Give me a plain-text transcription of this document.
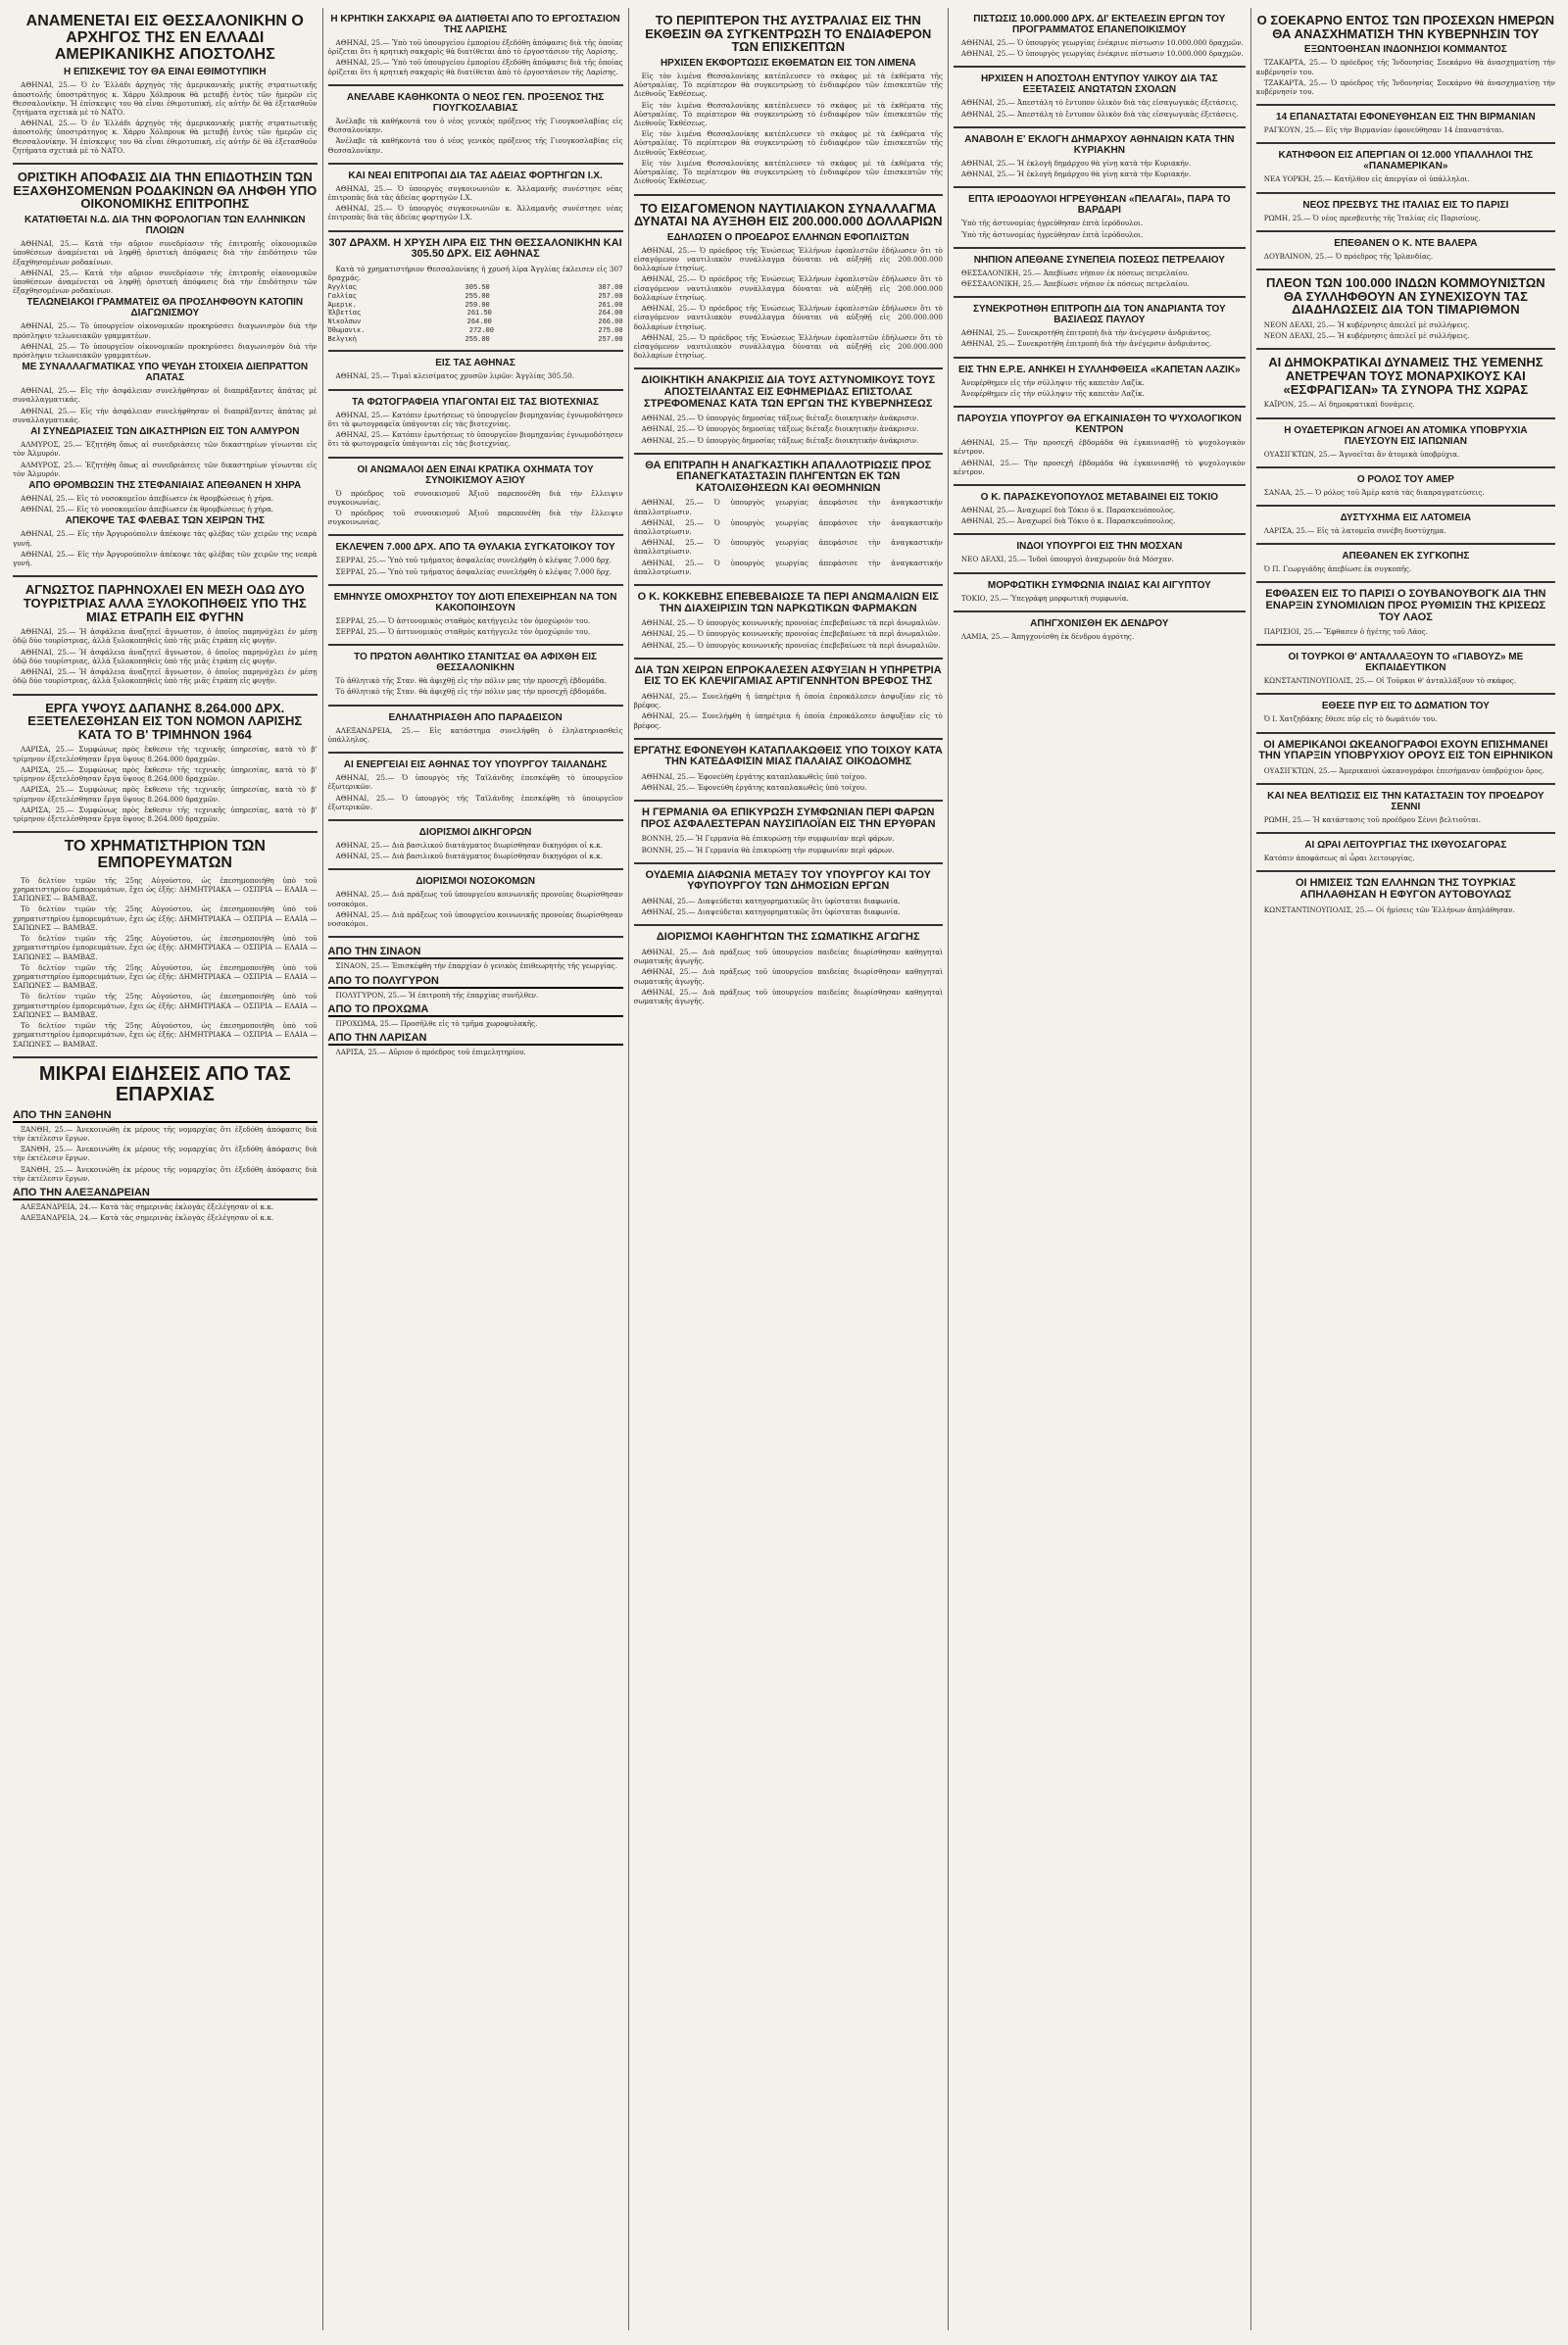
ΑΝΑΜΕΝΕΤΑΙ ΕΙΣ ΘΕΣΣΑΛΟΝΙΚΗΝ Ο ΑΡΧΗΓΟΣ ΤΗΣ ΕΝ ΕΛΛΑΔΙ ΑΜΕΡΙΚΑΝΙΚΗΣ ΑΠΟΣΤΟΛΗΣ
Η ΕΠΙΣΚΕΨΙΣ ΤΟΥ ΘΑ ΕΙΝΑΙ ΕΘΙΜΟΤΥΠΙΚΗ

ΑΘΗΝΑΙ, 25.— Ὁ ἐν Ἑλλάδι ἀρχηγὸς τῆς ἀμερικανικῆς μικτῆς στρατιωτικῆς ἀποστολῆς ὑποστράτηγος κ. Χάρρυ Χόλπρουκ θὰ μεταβῇ ἐντὸς τῶν ἡμερῶν εἰς Θεσσαλονίκην. Ἡ ἐπίσκεψις του θὰ εἶναι ἐθιμοτυπική, εἰς αὐτὴν δὲ θὰ ἐξετασθοῦν ζητήματα σχετικὰ μὲ τὸ ΝΑΤΟ.

ΑΘΗΝΑΙ, 25.— Ὁ ἐν Ἑλλάδι ἀρχηγὸς τῆς ἀμερικανικῆς μικτῆς στρατιωτικῆς ἀποστολῆς ὑποστράτηγος κ. Χάρρυ Χόλπρουκ θὰ μεταβῇ ἐντὸς τῶν ἡμερῶν εἰς Θεσσαλονίκην. Ἡ ἐπίσκεψις του θὰ εἶναι ἐθιμοτυπική, εἰς αὐτὴν δὲ θὰ ἐξετασθοῦν ζητήματα σχετικὰ μὲ τὸ ΝΑΤΟ.

ΟΡΙΣΤΙΚΗ ΑΠΟΦΑΣΙΣ ΔΙΑ ΤΗΝ ΕΠΙΔΟΤΗΣΙΝ ΤΩΝ ΕΞΑΧΘΗΣΟΜΕΝΩΝ ΡΟΔΑΚΙΝΩΝ ΘΑ ΛΗΦΘΗ ΥΠΟ ΟΙΚΟΝΟΜΙΚΗΣ ΕΠΙΤΡΟΠΗΣ
ΚΑΤΑΤΙΘΕΤΑΙ Ν.Δ. ΔΙΑ ΤΗΝ ΦΟΡΟΛΟΓΙΑΝ ΤΩΝ ΕΛΛΗΝΙΚΩΝ ΠΛΟΙΩΝ

ΑΘΗΝΑΙ, 25.— Κατὰ τὴν αὔριον συνεδρίασιν τῆς ἐπιτροπῆς οἰκονομικῶν ὑποθέσεων ἀναμένεται νὰ ληφθῇ ὁριστικὴ ἀπόφασις διὰ τὴν ἐπιδότησιν τῶν ἐξαχθησομένων ροδακίνων.

ΑΘΗΝΑΙ, 25.— Κατὰ τὴν αὔριον συνεδρίασιν τῆς ἐπιτροπῆς οἰκονομικῶν ὑποθέσεων ἀναμένεται νὰ ληφθῇ ὁριστικὴ ἀπόφασις διὰ τὴν ἐπιδότησιν τῶν ἐξαχθησομένων ροδακίνων.

ΤΕΛΩΝΕΙΑΚΟΙ ΓΡΑΜΜΑΤΕΙΣ ΘΑ ΠΡΟΣΛΗΦΘΟΥΝ ΚΑΤΟΠΙΝ ΔΙΑΓΩΝΙΣΜΟΥ

ΑΘΗΝΑΙ, 25.— Τὸ ὑπουργεῖον οἰκονομικῶν προκηρύσσει διαγωνισμὸν διὰ τὴν πρόσληψιν τελωνειακῶν γραμματέων.

ΑΘΗΝΑΙ, 25.— Τὸ ὑπουργεῖον οἰκονομικῶν προκηρύσσει διαγωνισμὸν διὰ τὴν πρόσληψιν τελωνειακῶν γραμματέων.

ΜΕ ΣΥΝΑΛΛΑΓΜΑΤΙΚΑΣ ΥΠΟ ΨΕΥΔΗ ΣΤΟΙΧΕΙΑ ΔΙΕΠΡΑΤΤΟΝ ΑΠΑΤΑΣ

ΑΘΗΝΑΙ, 25.— Εἰς τὴν ἀσφάλειαν συνελήφθησαν οἱ διαπράξαντες ἀπάτας μὲ συναλλαγματικάς.

ΑΘΗΝΑΙ, 25.— Εἰς τὴν ἀσφάλειαν συνελήφθησαν οἱ διαπράξαντες ἀπάτας μὲ συναλλαγματικάς.

ΑΙ ΣΥΝΕΔΡΙΑΣΕΙΣ ΤΩΝ ΔΙΚΑΣΤΗΡΙΩΝ ΕΙΣ ΤΟΝ ΑΛΜΥΡΟΝ

ΑΛΜΥΡΟΣ, 25.— Ἐζητήθη ὅπως αἱ συνεδριάσεις τῶν δικαστηρίων γίνωνται εἰς τὸν Ἀλμυρόν.

ΑΛΜΥΡΟΣ, 25.— Ἐζητήθη ὅπως αἱ συνεδριάσεις τῶν δικαστηρίων γίνωνται εἰς τὸν Ἀλμυρόν.

ΑΠΟ ΘΡΟΜΒΩΣΙΝ ΤΗΣ ΣΤΕΦΑΝΙΑΙΑΣ ΑΠΕΘΑΝΕΝ Η ΧΗΡΑ

ΑΘΗΝΑΙ, 25.— Εἰς τὸ νοσοκομεῖον ἀπεβίωσεν ἐκ θρομβώσεως ἡ χήρα.

ΑΘΗΝΑΙ, 25.— Εἰς τὸ νοσοκομεῖον ἀπεβίωσεν ἐκ θρομβώσεως ἡ χήρα.

ΑΠΕΚΟΨΕ ΤΑΣ ΦΛΕΒΑΣ ΤΩΝ ΧΕΙΡΩΝ ΤΗΣ

ΑΘΗΝΑΙ, 25.— Εἰς τὴν Ἀργυρούπολιν ἀπέκοψε τὰς φλέβας τῶν χειρῶν της νεαρὰ γυνή.

ΑΘΗΝΑΙ, 25.— Εἰς τὴν Ἀργυρούπολιν ἀπέκοψε τὰς φλέβας τῶν χειρῶν της νεαρὰ γυνή.

ΑΓΝΩΣΤΟΣ ΠΑΡΗΝΟΧΛΕΙ ΕΝ ΜΕΣΗ ΟΔΩ ΔΥΟ ΤΟΥΡΙΣΤΡΙΑΣ ΑΛΛΑ ΞΥΛΟΚΟΠΗΘΕΙΣ ΥΠΟ ΤΗΣ ΜΙΑΣ ΕΤΡΑΠΗ ΕΙΣ ΦΥΓΗΝ

ΑΘΗΝΑΙ, 25.— Ἡ ἀσφάλεια ἀναζητεῖ ἄγνωστον, ὁ ὁποῖος παρηνόχλει ἐν μέσῃ ὁδῷ δύο τουρίστριας, ἀλλὰ ξυλοκοπηθεὶς ὑπὸ τῆς μιᾶς ἐτράπη εἰς φυγήν.

ΑΘΗΝΑΙ, 25.— Ἡ ἀσφάλεια ἀναζητεῖ ἄγνωστον, ὁ ὁποῖος παρηνόχλει ἐν μέσῃ ὁδῷ δύο τουρίστριας, ἀλλὰ ξυλοκοπηθεὶς ὑπὸ τῆς μιᾶς ἐτράπη εἰς φυγήν.

ΑΘΗΝΑΙ, 25.— Ἡ ἀσφάλεια ἀναζητεῖ ἄγνωστον, ὁ ὁποῖος παρηνόχλει ἐν μέσῃ ὁδῷ δύο τουρίστριας, ἀλλὰ ξυλοκοπηθεὶς ὑπὸ τῆς μιᾶς ἐτράπη εἰς φυγήν.

ΕΡΓΑ ΥΨΟΥΣ ΔΑΠΑΝΗΣ 8.264.000 ΔΡΧ. ΕΞΕΤΕΛΕΣΘΗΣΑΝ ΕΙΣ ΤΟΝ ΝΟΜΟΝ ΛΑΡΙΣΗΣ ΚΑΤΑ ΤΟ Β' ΤΡΙΜΗΝΟΝ 1964

ΛΑΡΙΣΑ, 25.— Συμφώνως πρὸς ἔκθεσιν τῆς τεχνικῆς ὑπηρεσίας, κατὰ τὸ β' τρίμηνον ἐξετελέσθησαν ἔργα ὕψους 8.264.000 δραχμῶν.

ΛΑΡΙΣΑ, 25.— Συμφώνως πρὸς ἔκθεσιν τῆς τεχνικῆς ὑπηρεσίας, κατὰ τὸ β' τρίμηνον ἐξετελέσθησαν ἔργα ὕψους 8.264.000 δραχμῶν.

ΛΑΡΙΣΑ, 25.— Συμφώνως πρὸς ἔκθεσιν τῆς τεχνικῆς ὑπηρεσίας, κατὰ τὸ β' τρίμηνον ἐξετελέσθησαν ἔργα ὕψους 8.264.000 δραχμῶν.

ΛΑΡΙΣΑ, 25.— Συμφώνως πρὸς ἔκθεσιν τῆς τεχνικῆς ὑπηρεσίας, κατὰ τὸ β' τρίμηνον ἐξετελέσθησαν ἔργα ὕψους 8.264.000 δραχμῶν.

ΤΟ ΧΡΗΜΑΤΙΣΤΗΡΙΟΝ ΤΩΝ ΕΜΠΟΡΕΥΜΑΤΩΝ

Τὸ δελτίον τιμῶν τῆς 25ης Αὐγούστου, ὡς ἐπεσημοποιήθη ὑπὸ τοῦ χρηματιστηρίου ἐμπορευμάτων, ἔχει ὡς ἑξῆς: ΔΗΜΗΤΡΙΑΚΑ — ΟΣΠΡΙΑ — ΕΛΑΙΑ — ΣΑΠΩΝΕΣ — ΒΑΜΒΑΞ.

Τὸ δελτίον τιμῶν τῆς 25ης Αὐγούστου, ὡς ἐπεσημοποιήθη ὑπὸ τοῦ χρηματιστηρίου ἐμπορευμάτων, ἔχει ὡς ἑξῆς: ΔΗΜΗΤΡΙΑΚΑ — ΟΣΠΡΙΑ — ΕΛΑΙΑ — ΣΑΠΩΝΕΣ — ΒΑΜΒΑΞ.

Τὸ δελτίον τιμῶν τῆς 25ης Αὐγούστου, ὡς ἐπεσημοποιήθη ὑπὸ τοῦ χρηματιστηρίου ἐμπορευμάτων, ἔχει ὡς ἑξῆς: ΔΗΜΗΤΡΙΑΚΑ — ΟΣΠΡΙΑ — ΕΛΑΙΑ — ΣΑΠΩΝΕΣ — ΒΑΜΒΑΞ.

Τὸ δελτίον τιμῶν τῆς 25ης Αὐγούστου, ὡς ἐπεσημοποιήθη ὑπὸ τοῦ χρηματιστηρίου ἐμπορευμάτων, ἔχει ὡς ἑξῆς: ΔΗΜΗΤΡΙΑΚΑ — ΟΣΠΡΙΑ — ΕΛΑΙΑ — ΣΑΠΩΝΕΣ — ΒΑΜΒΑΞ.

Τὸ δελτίον τιμῶν τῆς 25ης Αὐγούστου, ὡς ἐπεσημοποιήθη ὑπὸ τοῦ χρηματιστηρίου ἐμπορευμάτων, ἔχει ὡς ἑξῆς: ΔΗΜΗΤΡΙΑΚΑ — ΟΣΠΡΙΑ — ΕΛΑΙΑ — ΣΑΠΩΝΕΣ — ΒΑΜΒΑΞ.

Τὸ δελτίον τιμῶν τῆς 25ης Αὐγούστου, ὡς ἐπεσημοποιήθη ὑπὸ τοῦ χρηματιστηρίου ἐμπορευμάτων, ἔχει ὡς ἑξῆς: ΔΗΜΗΤΡΙΑΚΑ — ΟΣΠΡΙΑ — ΕΛΑΙΑ — ΣΑΠΩΝΕΣ — ΒΑΜΒΑΞ.

ΜΙΚΡΑΙ ΕΙΔΗΣΕΙΣ ΑΠΟ ΤΑΣ ΕΠΑΡΧΙΑΣ
ΑΠΟ ΤΗΝ ΞΑΝΘΗΝ

ΞΑΝΘΗ, 25.— Ἀνεκοινώθη ἐκ μέρους τῆς νομαρχίας ὅτι ἐξεδόθη ἀπόφασις διὰ τὴν ἐκτέλεσιν ἔργων.

ΞΑΝΘΗ, 25.— Ἀνεκοινώθη ἐκ μέρους τῆς νομαρχίας ὅτι ἐξεδόθη ἀπόφασις διὰ τὴν ἐκτέλεσιν ἔργων.

ΞΑΝΘΗ, 25.— Ἀνεκοινώθη ἐκ μέρους τῆς νομαρχίας ὅτι ἐξεδόθη ἀπόφασις διὰ τὴν ἐκτέλεσιν ἔργων.

ΑΠΟ ΤΗΝ ΑΛΕΞΑΝΔΡΕΙΑΝ

ΑΛΕΞΑΝΔΡΕΙΑ, 24.— Κατὰ τὰς σημερινὰς ἐκλογὰς ἐξελέγησαν οἱ κ.κ.

ΑΛΕΞΑΝΔΡΕΙΑ, 24.— Κατὰ τὰς σημερινὰς ἐκλογὰς ἐξελέγησαν οἱ κ.κ.

Η ΚΡΗΤΙΚΗ ΣΑΚΧΑΡΙΣ ΘΑ ΔΙΑΤΙΘΕΤΑΙ ΑΠΟ ΤΟ ΕΡΓΟΣΤΑΣΙΟΝ ΤΗΣ ΛΑΡΙΣΗΣ

ΑΘΗΝΑΙ, 25.— Ὑπὸ τοῦ ὑπουργείου ἐμπορίου ἐξεδόθη ἀπόφασις διὰ τῆς ὁποίας ὁρίζεται ὅτι ἡ κρητικὴ σακχαρὶς θὰ διατίθεται ἀπὸ τὸ ἐργοστάσιον τῆς Λαρίσης.

ΑΘΗΝΑΙ, 25.— Ὑπὸ τοῦ ὑπουργείου ἐμπορίου ἐξεδόθη ἀπόφασις διὰ τῆς ὁποίας ὁρίζεται ὅτι ἡ κρητικὴ σακχαρὶς θὰ διατίθεται ἀπὸ τὸ ἐργοστάσιον τῆς Λαρίσης.

ΑΝΕΛΑΒΕ ΚΑΘΗΚΟΝΤΑ Ο ΝΕΟΣ ΓΕΝ. ΠΡΟΞΕΝΟΣ ΤΗΣ ΓΙΟΥΓΚΟΣΛΑΒΙΑΣ

Ἀνέλαβε τὰ καθήκοντά του ὁ νέος γενικὸς πρόξενος τῆς Γιουγκοσλαβίας εἰς Θεσσαλονίκην.

Ἀνέλαβε τὰ καθήκοντά του ὁ νέος γενικὸς πρόξενος τῆς Γιουγκοσλαβίας εἰς Θεσσαλονίκην.

ΚΑΙ ΝΕΑΙ ΕΠΙΤΡΟΠΑΙ ΔΙΑ ΤΑΣ ΑΔΕΙΑΣ ΦΟΡΤΗΓΩΝ Ι.Χ.

ΑΘΗΝΑΙ, 25.— Ὁ ὑπουργὸς συγκοινωνιῶν κ. Ἀλλαμανῆς συνέστησε νέας ἐπιτροπὰς διὰ τὰς ἀδείας φορτηγῶν Ι.Χ.

ΑΘΗΝΑΙ, 25.— Ὁ ὑπουργὸς συγκοινωνιῶν κ. Ἀλλαμανῆς συνέστησε νέας ἐπιτροπὰς διὰ τὰς ἀδείας φορτηγῶν Ι.Χ.

307 ΔΡΑΧΜ. Η ΧΡΥΣΗ ΛΙΡΑ ΕΙΣ ΤΗΝ ΘΕΣΣΑΛΟΝΙΚΗΝ ΚΑΙ 305.50 ΔΡΧ. ΕΙΣ ΑΘΗΝΑΣ

Κατὰ τὸ χρηματιστήριον Θεσσαλονίκης ἡ χρυσῆ λίρα Ἀγγλίας ἐκλεισεν εἰς 307 δραχμάς.

Ἀγγλίας	305.50	307.00
Γαλλίας	255.00	257.00
Ἀμερικ.	259.00	261.00
Ἑλβετίας	261.50	264.00
Νίκολσων	264.00	266.00
Ὀθωμανικ.	272.00	275.00
Βελγικὴ	255.00	257.00
ΕΙΣ ΤΑΣ ΑΘΗΝΑΣ

ΑΘΗΝΑΙ, 25.— Τιμαὶ κλεισίματος χρυσῶν λιρῶν: Ἀγγλίας 305.50.

ΤΑ ΦΩΤΟΓΡΑΦΕΙΑ ΥΠΑΓΟΝΤΑΙ ΕΙΣ ΤΑΣ ΒΙΟΤΕΧΝΙΑΣ

ΑΘΗΝΑΙ, 25.— Κατόπιν ἐρωτήσεως τὸ ὑπουργεῖον βιομηχανίας ἐγνωμοδότησεν ὅτι τὰ φωτογραφεῖα ὑπάγονται εἰς τὰς βιοτεχνίας.

ΑΘΗΝΑΙ, 25.— Κατόπιν ἐρωτήσεως τὸ ὑπουργεῖον βιομηχανίας ἐγνωμοδότησεν ὅτι τὰ φωτογραφεῖα ὑπάγονται εἰς τὰς βιοτεχνίας.

ΟΙ ΑΝΩΜΑΛΟΙ ΔΕΝ ΕΙΝΑΙ ΚΡΑΤΙΚΑ ΟΧΗΜΑΤΑ ΤΟΥ ΣΥΝΟΙΚΙΣΜΟΥ ΑΞΙΟΥ

Ὁ πρόεδρος τοῦ συνοικισμοῦ Ἀξιοῦ παρεπονέθη διὰ τὴν ἔλλειψιν συγκοινωνίας.

Ὁ πρόεδρος τοῦ συνοικισμοῦ Ἀξιοῦ παρεπονέθη διὰ τὴν ἔλλειψιν συγκοινωνίας.

ΕΚΛΕΨΕΝ 7.000 ΔΡΧ. ΑΠΟ ΤΑ ΘΥΛΑΚΙΑ ΣΥΓΚΑΤΟΙΚΟΥ ΤΟΥ

ΣΕΡΡΑΙ, 25.— Ὑπὸ τοῦ τμήματος ἀσφαλείας συνελήφθη ὁ κλέψας 7.000 δρχ.

ΣΕΡΡΑΙ, 25.— Ὑπὸ τοῦ τμήματος ἀσφαλείας συνελήφθη ὁ κλέψας 7.000 δρχ.

ΕΜΗΝΥΣΕ ΟΜΟΧΡΗΣΤΟΥ ΤΟΥ ΔΙΟΤΙ ΕΠΕΧΕΙΡΗΣΑΝ ΝΑ ΤΟΝ ΚΑΚΟΠΟΙΗΣΟΥΝ

ΣΕΡΡΑΙ, 25.— Ὁ ἀστυνομικὸς σταθμὸς κατήγγειλε τὸν ὁμοχώριόν του.

ΣΕΡΡΑΙ, 25.— Ὁ ἀστυνομικὸς σταθμὸς κατήγγειλε τὸν ὁμοχώριόν του.

ΤΟ ΠΡΩΤΟΝ ΑΘΛΗΤΙΚΟ ΣΤΑΝΙΤΣΑΣ ΘΑ ΑΦΙΧΘΗ ΕΙΣ ΘΕΣΣΑΛΟΝΙΚΗΝ

Τὸ ἀθλητικὸ τῆς Σταν. θὰ ἀφιχθῇ εἰς τὴν πόλιν μας τὴν προσεχῆ ἑβδομάδα.

Τὸ ἀθλητικὸ τῆς Σταν. θὰ ἀφιχθῇ εἰς τὴν πόλιν μας τὴν προσεχῆ ἑβδομάδα.

ΕΛΗΛΑΤΗΡΙΑΣΘΗ ΑΠΟ ΠΑΡΑΔΕΙΣΟΝ

ΑΛΕΞΑΝΔΡΕΙΑ, 25.— Εἰς κατάστημα συνελήφθη ὁ ἐληλατηριασθεὶς ὑπάλληλος.

ΑΙ ΕΝΕΡΓΕΙΑΙ ΕΙΣ ΑΘΗΝΑΣ ΤΟΥ ΥΠΟΥΡΓΟΥ ΤΑΙΛΑΝΔΗΣ

ΑΘΗΝΑΙ, 25.— Ὁ ὑπουργὸς τῆς Ταϊλάνδης ἐπεσκέφθη τὸ ὑπουργεῖον ἐξωτερικῶν.

ΑΘΗΝΑΙ, 25.— Ὁ ὑπουργὸς τῆς Ταϊλάνδης ἐπεσκέφθη τὸ ὑπουργεῖον ἐξωτερικῶν.

ΔΙΟΡΙΣΜΟΙ ΔΙΚΗΓΟΡΩΝ

ΑΘΗΝΑΙ, 25.— Διὰ βασιλικοῦ διατάγματος διωρίσθησαν δικηγόροι οἱ κ.κ.

ΑΘΗΝΑΙ, 25.— Διὰ βασιλικοῦ διατάγματος διωρίσθησαν δικηγόροι οἱ κ.κ.

ΔΙΟΡΙΣΜΟΙ ΝΟΣΟΚΟΜΩΝ

ΑΘΗΝΑΙ, 25.— Διὰ πράξεως τοῦ ὑπουργείου κοινωνικῆς προνοίας διωρίσθησαν νοσοκόμοι.

ΑΘΗΝΑΙ, 25.— Διὰ πράξεως τοῦ ὑπουργείου κοινωνικῆς προνοίας διωρίσθησαν νοσοκόμοι.

ΑΠΟ ΤΗΝ ΣΙΝΑΟΝ

ΣΙΝΑΟΝ, 25.— Ἐπισκέφθη τὴν ἐπαρχίαν ὁ γενικὸς ἐπιθεωρητὴς τῆς γεωργίας.

ΑΠΟ ΤΟ ΠΟΛΥΓΥΡΟΝ

ΠΟΛΥΓΥΡΟΝ, 25.— Ἡ ἐπιτροπὴ τῆς ἐπαρχίας συνῆλθεν.

ΑΠΟ ΤΟ ΠΡΟΧΩΜΑ

ΠΡΟΧΩΜΑ, 25.— Προσῆλθε εἰς τὸ τμῆμα χωροφυλακῆς.

ΑΠΟ ΤΗΝ ΛΑΡΙΣΑΝ

ΛΑΡΙΣΑ, 25.— Αὔριον ὁ πρόεδρος τοῦ ἐπιμελητηρίου.

ΤΟ ΠΕΡΙΠΤΕΡΟΝ ΤΗΣ ΑΥΣΤΡΑΛΙΑΣ ΕΙΣ ΤΗΝ ΕΚΘΕΣΙΝ ΘΑ ΣΥΓΚΕΝΤΡΩΣΗ ΤΟ ΕΝΔΙΑΦΕΡΟΝ ΤΩΝ ΕΠΙΣΚΕΠΤΩΝ
ΗΡΧΙΣΕΝ ΕΚΦΟΡΤΩΣΙΣ ΕΚΘΕΜΑΤΩΝ ΕΙΣ ΤΟΝ ΛΙΜΕΝΑ

Εἰς τὸν λιμένα Θεσσαλονίκης κατέπλευσεν τὸ σκάφος μὲ τὰ ἐκθέματα τῆς Αὐστραλίας. Τὸ περίπτερον θὰ συγκεντρώσῃ τὸ ἐνδιαφέρον τῶν ἐπισκεπτῶν τῆς Διεθνοῦς Ἐκθέσεως.

Εἰς τὸν λιμένα Θεσσαλονίκης κατέπλευσεν τὸ σκάφος μὲ τὰ ἐκθέματα τῆς Αὐστραλίας. Τὸ περίπτερον θὰ συγκεντρώσῃ τὸ ἐνδιαφέρον τῶν ἐπισκεπτῶν τῆς Διεθνοῦς Ἐκθέσεως.

Εἰς τὸν λιμένα Θεσσαλονίκης κατέπλευσεν τὸ σκάφος μὲ τὰ ἐκθέματα τῆς Αὐστραλίας. Τὸ περίπτερον θὰ συγκεντρώσῃ τὸ ἐνδιαφέρον τῶν ἐπισκεπτῶν τῆς Διεθνοῦς Ἐκθέσεως.

Εἰς τὸν λιμένα Θεσσαλονίκης κατέπλευσεν τὸ σκάφος μὲ τὰ ἐκθέματα τῆς Αὐστραλίας. Τὸ περίπτερον θὰ συγκεντρώσῃ τὸ ἐνδιαφέρον τῶν ἐπισκεπτῶν τῆς Διεθνοῦς Ἐκθέσεως.

ΤΟ ΕΙΣΑΓΟΜΕΝΟΝ ΝΑΥΤΙΛΙΑΚΟΝ ΣΥΝΑΛΛΑΓΜΑ ΔΥΝΑΤΑΙ ΝΑ ΑΥΞΗΘΗ ΕΙΣ 200.000.000 ΔΟΛΛΑΡΙΩΝ
ΕΔΗΛΩΣΕΝ Ο ΠΡΟΕΔΡΟΣ ΕΛΛΗΝΩΝ ΕΦΟΠΛΙΣΤΩΝ

ΑΘΗΝΑΙ, 25.— Ὁ πρόεδρος τῆς Ἑνώσεως Ἑλλήνων ἐφοπλιστῶν ἐδήλωσεν ὅτι τὸ εἰσαγόμενον ναυτιλιακὸν συνάλλαγμα δύναται νὰ αὐξηθῇ εἰς 200.000.000 δολλαρίων ἐτησίως.

ΑΘΗΝΑΙ, 25.— Ὁ πρόεδρος τῆς Ἑνώσεως Ἑλλήνων ἐφοπλιστῶν ἐδήλωσεν ὅτι τὸ εἰσαγόμενον ναυτιλιακὸν συνάλλαγμα δύναται νὰ αὐξηθῇ εἰς 200.000.000 δολλαρίων ἐτησίως.

ΑΘΗΝΑΙ, 25.— Ὁ πρόεδρος τῆς Ἑνώσεως Ἑλλήνων ἐφοπλιστῶν ἐδήλωσεν ὅτι τὸ εἰσαγόμενον ναυτιλιακὸν συνάλλαγμα δύναται νὰ αὐξηθῇ εἰς 200.000.000 δολλαρίων ἐτησίως.

ΑΘΗΝΑΙ, 25.— Ὁ πρόεδρος τῆς Ἑνώσεως Ἑλλήνων ἐφοπλιστῶν ἐδήλωσεν ὅτι τὸ εἰσαγόμενον ναυτιλιακὸν συνάλλαγμα δύναται νὰ αὐξηθῇ εἰς 200.000.000 δολλαρίων ἐτησίως.

ΔΙΟΙΚΗΤΙΚΗ ΑΝΑΚΡΙΣΙΣ ΔΙΑ ΤΟΥΣ ΑΣΤΥΝΟΜΙΚΟΥΣ ΤΟΥΣ ΑΠΟΣΤΕΙΛΑΝΤΑΣ ΕΙΣ ΕΦΗΜΕΡΙΔΑΣ ΕΠΙΣΤΟΛΑΣ ΣΤΡΕΦΟΜΕΝΑΣ ΚΑΤΑ ΤΩΝ ΕΡΓΩΝ ΤΗΣ ΚΥΒΕΡΝΗΣΕΩΣ

ΑΘΗΝΑΙ, 25.— Ὁ ὑπουργὸς δημοσίας τάξεως διέταξε διοικητικὴν ἀνάκρισιν.

ΑΘΗΝΑΙ, 25.— Ὁ ὑπουργὸς δημοσίας τάξεως διέταξε διοικητικὴν ἀνάκρισιν.

ΑΘΗΝΑΙ, 25.— Ὁ ὑπουργὸς δημοσίας τάξεως διέταξε διοικητικὴν ἀνάκρισιν.

ΘΑ ΕΠΙΤΡΑΠΗ Η ΑΝΑΓΚΑΣΤΙΚΗ ΑΠΑΛΛΟΤΡΙΩΣΙΣ ΠΡΟΣ ΕΠΑΝΕΓΚΑΤΑΣΤΑΣΙΝ ΠΛΗΓΕΝΤΩΝ ΕΚ ΤΩΝ ΚΑΤΟΛΙΣΘΗΣΕΩΝ ΚΑΙ ΘΕΟΜΗΝΙΩΝ

ΑΘΗΝΑΙ, 25.— Ὁ ὑπουργὸς γεωργίας ἀπεφάσισε τὴν ἀναγκαστικὴν ἀπαλλοτρίωσιν.

ΑΘΗΝΑΙ, 25.— Ὁ ὑπουργὸς γεωργίας ἀπεφάσισε τὴν ἀναγκαστικὴν ἀπαλλοτρίωσιν.

ΑΘΗΝΑΙ, 25.— Ὁ ὑπουργὸς γεωργίας ἀπεφάσισε τὴν ἀναγκαστικὴν ἀπαλλοτρίωσιν.

ΑΘΗΝΑΙ, 25.— Ὁ ὑπουργὸς γεωργίας ἀπεφάσισε τὴν ἀναγκαστικὴν ἀπαλλοτρίωσιν.

Ο Κ. ΚΟΚΚΕΒΗΣ ΕΠΕΒΕΒΑΙΩΣΕ ΤΑ ΠΕΡΙ ΑΝΩΜΑΛΙΩΝ ΕΙΣ ΤΗΝ ΔΙΑΧΕΙΡΙΣΙΝ ΤΩΝ ΝΑΡΚΩΤΙΚΩΝ ΦΑΡΜΑΚΩΝ

ΑΘΗΝΑΙ, 25.— Ὁ ὑπουργὸς κοινωνικῆς προνοίας ἐπεβεβαίωσε τὰ περὶ ἀνωμαλιῶν.

ΑΘΗΝΑΙ, 25.— Ὁ ὑπουργὸς κοινωνικῆς προνοίας ἐπεβεβαίωσε τὰ περὶ ἀνωμαλιῶν.

ΑΘΗΝΑΙ, 25.— Ὁ ὑπουργὸς κοινωνικῆς προνοίας ἐπεβεβαίωσε τὰ περὶ ἀνωμαλιῶν.

ΔΙΑ ΤΩΝ ΧΕΙΡΩΝ ΕΠΡΟΚΑΛΕΣΕΝ ΑΣΦΥΞΙΑΝ Η ΥΠΗΡΕΤΡΙΑ ΕΙΣ ΤΟ ΕΚ ΚΛΕΨΙΓΑΜΙΑΣ ΑΡΤΙΓΕΝΝΗΤΟΝ ΒΡΕΦΟΣ ΤΗΣ

ΑΘΗΝΑΙ, 25.— Συνελήφθη ἡ ὑπηρέτρια ἡ ὁποία ἐπροκάλεσεν ἀσφυξίαν εἰς τὸ βρέφος.

ΑΘΗΝΑΙ, 25.— Συνελήφθη ἡ ὑπηρέτρια ἡ ὁποία ἐπροκάλεσεν ἀσφυξίαν εἰς τὸ βρέφος.

ΕΡΓΑΤΗΣ ΕΦΟΝΕΥΘΗ ΚΑΤΑΠΛΑΚΩΘΕΙΣ ΥΠΟ ΤΟΙΧΟΥ ΚΑΤΑ ΤΗΝ ΚΑΤΕΔΑΦΙΣΙΝ ΜΙΑΣ ΠΑΛΑΙΑΣ ΟΙΚΟΔΟΜΗΣ

ΑΘΗΝΑΙ, 25.— Ἐφονεύθη ἐργάτης καταπλακωθεὶς ὑπὸ τοίχου.

ΑΘΗΝΑΙ, 25.— Ἐφονεύθη ἐργάτης καταπλακωθεὶς ὑπὸ τοίχου.

Η ΓΕΡΜΑΝΙΑ ΘΑ ΕΠΙΚΥΡΩΣΗ ΣΥΜΦΩΝΙΑΝ ΠΕΡΙ ΦΑΡΩΝ ΠΡΟΣ ΑΣΦΑΛΕΣΤΕΡΑΝ ΝΑΥΣΙΠΛΟΪΑΝ ΕΙΣ ΤΗΝ ΕΡΥΘΡΑΝ

ΒΟΝΝΗ, 25.— Ἡ Γερμανία θὰ ἐπικυρώσῃ τὴν συμφωνίαν περὶ φάρων.

ΒΟΝΝΗ, 25.— Ἡ Γερμανία θὰ ἐπικυρώσῃ τὴν συμφωνίαν περὶ φάρων.

ΟΥΔΕΜΙΑ ΔΙΑΦΩΝΙΑ ΜΕΤΑΞΥ ΤΟΥ ΥΠΟΥΡΓΟΥ ΚΑΙ ΤΟΥ ΥΦΥΠΟΥΡΓΟΥ ΤΩΝ ΔΗΜΟΣΙΩΝ ΕΡΓΩΝ

ΑΘΗΝΑΙ, 25.— Διαψεύδεται κατηγορηματικῶς ὅτι ὑφίσταται διαφωνία.

ΑΘΗΝΑΙ, 25.— Διαψεύδεται κατηγορηματικῶς ὅτι ὑφίσταται διαφωνία.

ΔΙΟΡΙΣΜΟΙ ΚΑΘΗΓΗΤΩΝ ΤΗΣ ΣΩΜΑΤΙΚΗΣ ΑΓΩΓΗΣ

ΑΘΗΝΑΙ, 25.— Διὰ πράξεως τοῦ ὑπουργείου παιδείας διωρίσθησαν καθηγηταὶ σωματικῆς ἀγωγῆς.

ΑΘΗΝΑΙ, 25.— Διὰ πράξεως τοῦ ὑπουργείου παιδείας διωρίσθησαν καθηγηταὶ σωματικῆς ἀγωγῆς.

ΑΘΗΝΑΙ, 25.— Διὰ πράξεως τοῦ ὑπουργείου παιδείας διωρίσθησαν καθηγηταὶ σωματικῆς ἀγωγῆς.

ΠΙΣΤΩΣΙΣ 10.000.000 ΔΡΧ. ΔΙ' ΕΚΤΕΛΕΣΙΝ ΕΡΓΩΝ ΤΟΥ ΠΡΟΓΡΑΜΜΑΤΟΣ ΕΠΑΝΕΠΟΙΚΙΣΜΟΥ

ΑΘΗΝΑΙ, 25.— Ὁ ὑπουργὸς γεωργίας ἐνέκρινε πίστωσιν 10.000.000 δραχμῶν.

ΑΘΗΝΑΙ, 25.— Ὁ ὑπουργὸς γεωργίας ἐνέκρινε πίστωσιν 10.000.000 δραχμῶν.

ΗΡΧΙΣΕΝ Η ΑΠΟΣΤΟΛΗ ΕΝΤΥΠΟΥ ΥΛΙΚΟΥ ΔΙΑ ΤΑΣ ΕΞΕΤΑΣΕΙΣ ΑΝΩΤΑΤΩΝ ΣΧΟΛΩΝ

ΑΘΗΝΑΙ, 25.— Ἀπεστάλη τὸ ἔντυπον ὑλικὸν διὰ τὰς εἰσαγωγικὰς ἐξετάσεις.

ΑΘΗΝΑΙ, 25.— Ἀπεστάλη τὸ ἔντυπον ὑλικὸν διὰ τὰς εἰσαγωγικὰς ἐξετάσεις.

ΑΝΑΒΟΛΗ Ε' ΕΚΛΟΓΗ ΔΗΜΑΡΧΟΥ ΑΘΗΝΑΙΩΝ ΚΑΤΑ ΤΗΝ ΚΥΡΙΑΚΗΝ

ΑΘΗΝΑΙ, 25.— Ἡ ἐκλογὴ δημάρχου θὰ γίνῃ κατὰ τὴν Κυριακήν.

ΑΘΗΝΑΙ, 25.— Ἡ ἐκλογὴ δημάρχου θὰ γίνῃ κατὰ τὴν Κυριακήν.

ΕΠΤΑ ΙΕΡΟΔΟΥΛΟΙ ΗΓΡΕΥΘΗΣΑΝ «ΠΕΛΑΓΑΙ», ΠΑΡΑ ΤΟ ΒΑΡΔΑΡΙ

Ὑπὸ τῆς ἀστυνομίας ἠγρεύθησαν ἑπτὰ ἱερόδουλοι.

Ὑπὸ τῆς ἀστυνομίας ἠγρεύθησαν ἑπτὰ ἱερόδουλοι.

ΝΗΠΙΟΝ ΑΠΕΘΑΝΕ ΣΥΝΕΠΕΙΑ ΠΟΣΕΩΣ ΠΕΤΡΕΛΑΙΟΥ

ΘΕΣΣΑΛΟΝΙΚΗ, 25.— Ἀπεβίωσε νήπιον ἐκ πόσεως πετρελαίου.

ΘΕΣΣΑΛΟΝΙΚΗ, 25.— Ἀπεβίωσε νήπιον ἐκ πόσεως πετρελαίου.

ΣΥΝΕΚΡΟΤΗΘΗ ΕΠΙΤΡΟΠΗ ΔΙΑ ΤΟΝ ΑΝΔΡΙΑΝΤΑ ΤΟΥ ΒΑΣΙΛΕΩΣ ΠΑΥΛΟΥ

ΑΘΗΝΑΙ, 25.— Συνεκροτήθη ἐπιτροπὴ διὰ τὴν ἀνέγερσιν ἀνδριάντος.

ΑΘΗΝΑΙ, 25.— Συνεκροτήθη ἐπιτροπὴ διὰ τὴν ἀνέγερσιν ἀνδριάντος.

ΕΙΣ ΤΗΝ Ε.Ρ.Ε. ΑΝΗΚΕΙ Η ΣΥΛΛΗΦΘΕΙΣΑ «ΚΑΠΕΤΑΝ ΛΑΖΙΚ»

Ἀνεφέρθημεν εἰς τὴν σύλληψιν τῆς καπετὰν Λαζίκ.

Ἀνεφέρθημεν εἰς τὴν σύλληψιν τῆς καπετὰν Λαζίκ.

ΠΑΡΟΥΣΙΑ ΥΠΟΥΡΓΟΥ ΘΑ ΕΓΚΑΙΝΙΑΣΘΗ ΤΟ ΨΥΧΟΛΟΓΙΚΟΝ ΚΕΝΤΡΟΝ

ΑΘΗΝΑΙ, 25.— Τὴν προσεχῆ ἑβδομάδα θὰ ἐγκαινιασθῇ τὸ ψυχολογικὸν κέντρον.

ΑΘΗΝΑΙ, 25.— Τὴν προσεχῆ ἑβδομάδα θὰ ἐγκαινιασθῇ τὸ ψυχολογικὸν κέντρον.

Ο Κ. ΠΑΡΑΣΚΕΥΟΠΟΥΛΟΣ ΜΕΤΑΒΑΙΝΕΙ ΕΙΣ ΤΟΚΙΟ

ΑΘΗΝΑΙ, 25.— Ἀναχωρεῖ διὰ Τόκιο ὁ κ. Παρασκευόπουλος.

ΑΘΗΝΑΙ, 25.— Ἀναχωρεῖ διὰ Τόκιο ὁ κ. Παρασκευόπουλος.

ΙΝΔΟΙ ΥΠΟΥΡΓΟΙ ΕΙΣ ΤΗΝ ΜΟΣΧΑΝ

ΝΕΟ ΔΕΛΧΙ, 25.— Ἰνδοὶ ὑπουργοὶ ἀναχωροῦν διὰ Μόσχαν.

ΜΟΡΦΩΤΙΚΗ ΣΥΜΦΩΝΙΑ ΙΝΔΙΑΣ ΚΑΙ ΑΙΓΥΠΤΟΥ

ΤΟΚΙΟ, 25.— Ὑπεγράφη μορφωτικὴ συμφωνία.

ΑΠΗΓΧΟΝΙΣΘΗ ΕΚ ΔΕΝΔΡΟΥ

ΛΑΜΙΑ, 25.— Ἀπηγχονίσθη ἐκ δένδρου ἀγρότης.

Ο ΣΟΕΚΑΡΝΟ ΕΝΤΟΣ ΤΩΝ ΠΡΟΣΕΧΩΝ ΗΜΕΡΩΝ ΘΑ ΑΝΑΣΧΗΜΑΤΙΣΗ ΤΗΝ ΚΥΒΕΡΝΗΣΙΝ ΤΟΥ
ΕΞΩΝΤΟΘΗΣΑΝ ΙΝΔΟΝΗΣΙΟΙ ΚΟΜΜΑΝΤΟΣ

ΤΖΑΚΑΡΤΑ, 25.— Ὁ πρόεδρος τῆς Ἰνδονησίας Σοεκάρνο θὰ ἀνασχηματίσῃ τὴν κυβέρνησίν του.

ΤΖΑΚΑΡΤΑ, 25.— Ὁ πρόεδρος τῆς Ἰνδονησίας Σοεκάρνο θὰ ἀνασχηματίσῃ τὴν κυβέρνησίν του.

14 ΕΠΑΝΑΣΤΑΤΑΙ ΕΦΟΝΕΥΘΗΣΑΝ ΕΙΣ ΤΗΝ ΒΙΡΜΑΝΙΑΝ

ΡΑΓΚΟΥΝ, 25.— Εἰς τὴν Βιρμανίαν ἐφονεύθησαν 14 ἐπαναστάται.

ΚΑΤΗΦΘΟΝ ΕΙΣ ΑΠΕΡΓΙΑΝ ΟΙ 12.000 ΥΠΑΛΛΗΛΟΙ ΤΗΣ «ΠΑΝΑΜΕΡΙΚΑΝ»

ΝΕΑ ΥΟΡΚΗ, 25.— Κατῆλθον εἰς ἀπεργίαν οἱ ὑπάλληλοι.

ΝΕΟΣ ΠΡΕΣΒΥΣ ΤΗΣ ΙΤΑΛΙΑΣ ΕΙΣ ΤΟ ΠΑΡΙΣΙ

ΡΩΜΗ, 25.— Ὁ νέος πρεσβευτὴς τῆς Ἰταλίας εἰς Παρισίους.

ΕΠΕΘΑΝΕΝ Ο Κ. ΝΤΕ ΒΑΛΕΡΑ

ΔΟΥΒΛΙΝΟΝ, 25.— Ὁ πρόεδρος τῆς Ἰρλανδίας.

ΠΛΕΟΝ ΤΩΝ 100.000 ΙΝΔΩΝ ΚΟΜΜΟΥΝΙΣΤΩΝ ΘΑ ΣΥΛΛΗΦΘΟΥΝ ΑΝ ΣΥΝΕΧΙΣΟΥΝ ΤΑΣ ΔΙΑΔΗΛΩΣΕΙΣ ΔΙΑ ΤΟΝ ΤΙΜΑΡΙΘΜΟΝ

ΝΕΟΝ ΔΕΛΧΙ, 25.— Ἡ κυβέρνησις ἀπειλεῖ μὲ συλλήψεις.

ΝΕΟΝ ΔΕΛΧΙ, 25.— Ἡ κυβέρνησις ἀπειλεῖ μὲ συλλήψεις.

ΑΙ ΔΗΜΟΚΡΑΤΙΚΑΙ ΔΥΝΑΜΕΙΣ ΤΗΣ ΥΕΜΕΝΗΣ ΑΝΕΤΡΕΨΑΝ ΤΟΥΣ ΜΟΝΑΡΧΙΚΟΥΣ ΚΑΙ «ΕΣΦΡΑΓΙΣΑΝ» ΤΑ ΣΥΝΟΡΑ ΤΗΣ ΧΩΡΑΣ

ΚΑΪΡΟΝ, 25.— Αἱ δημοκρατικαὶ δυνάμεις.

Η ΟΥΔΕΤΕΡΙΚΩΝ ΑΓΝΟΕΙ ΑΝ ΑΤΟΜΙΚΑ ΥΠΟΒΡΥΧΙΑ ΠΛΕΥΣΟΥΝ ΕΙΣ ΙΑΠΩΝΙΑΝ

ΟΥΑΣΙΓΚΤΩΝ, 25.— Ἀγνοεῖται ἂν ἀτομικὰ ὑποβρύχια.

Ο ΡΟΛΟΣ ΤΟΥ ΑΜΕΡ

ΣΑΝΑΑ, 25.— Ὁ ρόλος τοῦ Ἀμὲρ κατὰ τὰς διαπραγματεύσεις.

ΔΥΣΤΥΧΗΜΑ ΕΙΣ ΛΑΤΟΜΕΙΑ

ΛΑΡΙΣΑ, 25.— Εἰς τὰ λατομεῖα συνέβη δυστύχημα.

ΑΠΕΘΑΝΕΝ ΕΚ ΣΥΓΚΟΠΗΣ

Ὁ Π. Γεωργιάδης ἀπεβίωσε ἐκ συγκοπῆς.

ΕΦΘΑΣΕΝ ΕΙΣ ΤΟ ΠΑΡΙΣΙ Ο ΣΟΥΒΑΝΟΥΒΟΓΚ ΔΙΑ ΤΗΝ ΕΝΑΡΞΙΝ ΣΥΝΟΜΙΛΙΩΝ ΠΡΟΣ ΡΥΘΜΙΣΙΝ ΤΗΣ ΚΡΙΣΕΩΣ ΤΟΥ ΛΑΟΣ

ΠΑΡΙΣΙΟΙ, 25.— Ἔφθασεν ὁ ἡγέτης τοῦ Λάος.

ΟΙ ΤΟΥΡΚΟΙ Θ' ΑΝΤΑΛΛΑΞΟΥΝ ΤΟ «ΓΙΑΒΟΥΖ» ΜΕ ΕΚΠΑΙΔΕΥΤΙΚΟΝ

ΚΩΝΣΤΑΝΤΙΝΟΥΠΟΛΙΣ, 25.— Οἱ Τοῦρκοι θ' ἀνταλλάξουν τὸ σκάφος.

ΕΘΕΣΕ ΠΥΡ ΕΙΣ ΤΟ ΔΩΜΑΤΙΟΝ ΤΟΥ

Ὁ Ι. Χατζηδάκης ἔθεσε πῦρ εἰς τὸ δωμάτιόν του.

ΟΙ ΑΜΕΡΙΚΑΝΟΙ ΩΚΕΑΝΟΓΡΑΦΟΙ ΕΧΟΥΝ ΕΠΙΣΗΜΑΝΕΙ ΤΗΝ ΥΠΑΡΞΙΝ ΥΠΟΒΡΥΧΙΟΥ ΟΡΟΥΣ ΕΙΣ ΤΟΝ ΕΙΡΗΝΙΚΟΝ

ΟΥΑΣΙΓΚΤΩΝ, 25.— Ἀμερικανοὶ ὠκεανογράφοι ἐπεσήμαναν ὑποβρύχιον ὄρος.

ΚΑΙ ΝΕΑ ΒΕΛΤΙΩΣΙΣ ΕΙΣ ΤΗΝ ΚΑΤΑΣΤΑΣΙΝ ΤΟΥ ΠΡΟΕΔΡΟΥ ΣΕΝΝΙ

ΡΩΜΗ, 25.— Ἡ κατάστασις τοῦ προέδρου Σέννι βελτιοῦται.

ΑΙ ΩΡΑΙ ΛΕΙΤΟΥΡΓΙΑΣ ΤΗΣ ΙΧΘΥΟΣΑΓΟΡΑΣ

Κατόπιν ἀποφάσεως αἱ ὧραι λειτουργίας.

ΟΙ ΗΜΙΣΕΙΣ ΤΩΝ ΕΛΛΗΝΩΝ ΤΗΣ ΤΟΥΡΚΙΑΣ ΑΠΗΛΑΘΗΣΑΝ Η ΕΦΥΓΟΝ ΑΥΤΟΒΟΥΛΩΣ

ΚΩΝΣΤΑΝΤΙΝΟΥΠΟΛΙΣ, 25.— Οἱ ἡμίσεις τῶν Ἑλλήνων ἀπηλάθησαν.
